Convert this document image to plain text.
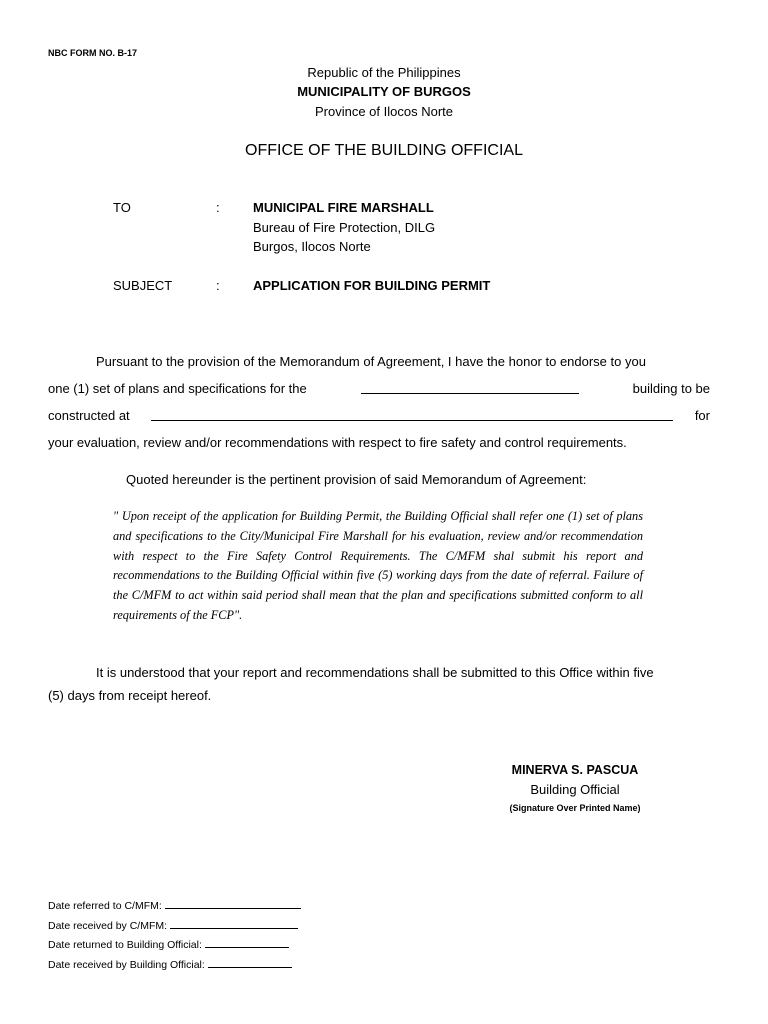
NBC FORM NO. B-17
Republic of the Philippines
MUNICIPALITY OF BURGOS
Province of Ilocos Norte
OFFICE OF THE BUILDING OFFICIAL
TO	:	MUNICIPAL FIRE MARSHALL
Bureau of Fire Protection, DILG
Burgos, Ilocos Norte
SUBJECT	:	APPLICATION FOR BUILDING PERMIT
Pursuant to the provision of the Memorandum of Agreement, I have the honor to endorse to you
one (1) set of plans and specifications for the	building to be
constructed at	for
your evaluation, review and/or recommendations with respect to fire safety and control requirements.
Quoted hereunder is the pertinent provision of said Memorandum of Agreement:
" Upon receipt of the application for Building Permit, the Building Official shall refer one (1) set of plans and specifications to the City/Municipal Fire Marshall for his evaluation, review and/or recommendation with respect to the Fire Safety Control Requirements. The C/MFM shal submit his report and recommendations to the Building Official within five (5) working days from the date of referral. Failure of the C/MFM to act within said period shall mean that the plan and specifications submitted conform to all requirements of the FCP".
It is understood that your report and recommendations shall be submitted to this Office within five
(5) days from receipt hereof.
MINERVA S. PASCUA
Building Official
(Signature Over Printed Name)
Date referred to C/MFM:
Date received by C/MFM:
Date returned to Building Official:
Date received by Building Official:
